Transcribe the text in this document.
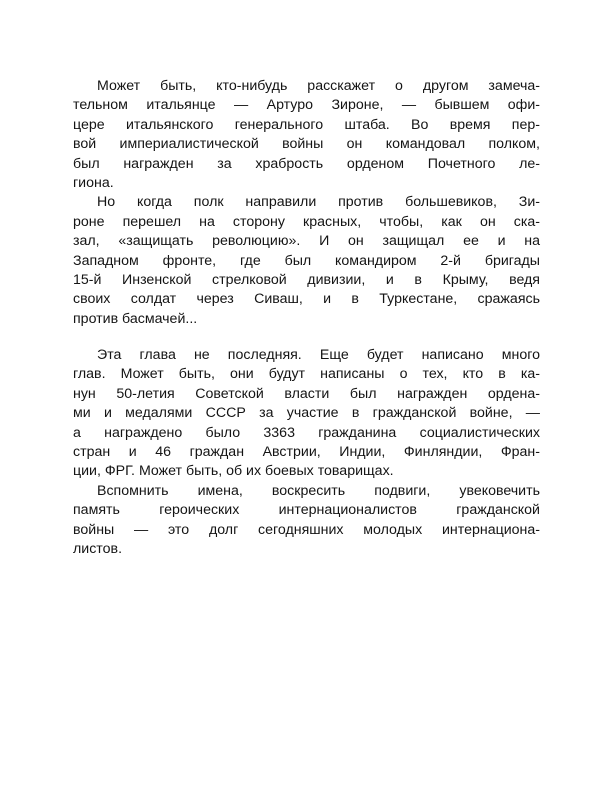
Может быть, кто-нибудь расскажет о другом замеча-
тельном итальянце — Артуро Зироне, — бывшем офи-
цере итальянского генерального штаба. Во время пер-
вой империалистической войны он командовал полком,
был награжден за храбрость орденом Почетного ле-
гиона.
Но когда полк направили против большевиков, Зи-
роне перешел на сторону красных, чтобы, как он ска-
зал, «защищать революцию». И он защищал ее и на
Западном фронте, где был командиром 2-й бригады
15-й Инзенской стрелковой дивизии, и в Крыму, ведя
своих солдат через Сиваш, и в Туркестане, сражаясь
против басмачей...
Эта глава не последняя. Еще будет написано много
глав. Может быть, они будут написаны о тех, кто в ка-
нун 50-летия Советской власти был награжден ордена-
ми и медалями СССР за участие в гражданской войне, —
а награждено было 3363 гражданина социалистических
стран и 46 граждан Австрии, Индии, Финляндии, Фран-
ции, ФРГ. Может быть, об их боевых товарищах.
Вспомнить имена, воскресить подвиги, увековечить
память героических интернационалистов гражданской
войны — это долг сегодняшних молодых интернациона-
листов.
